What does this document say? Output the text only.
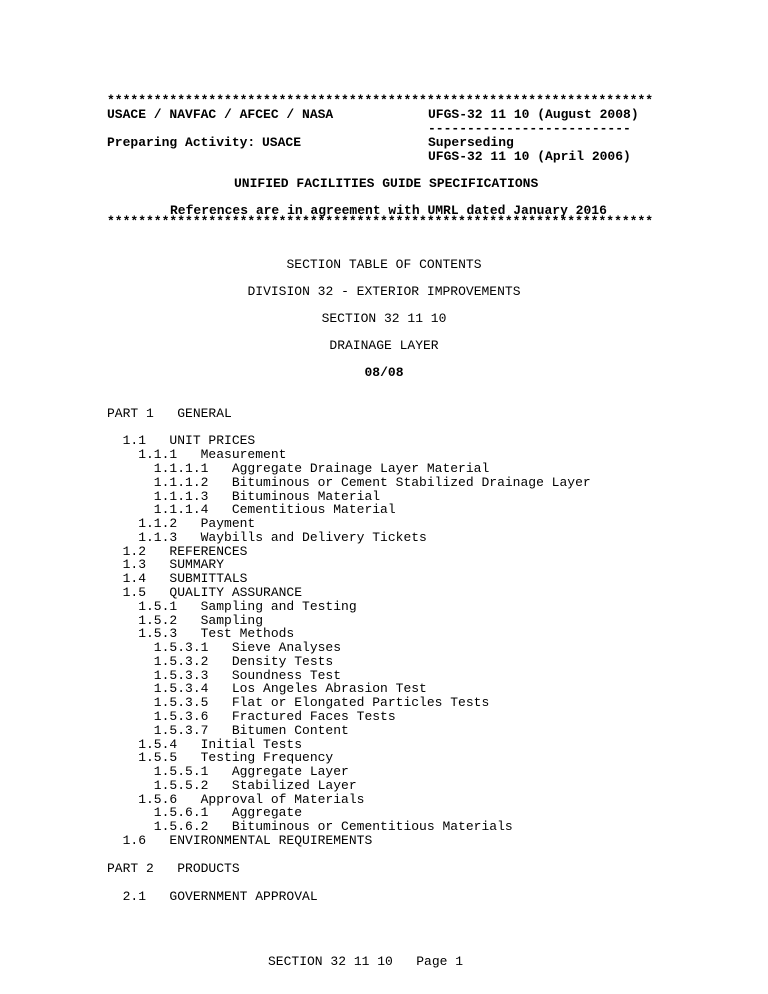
**********************************************************************
USACE / NAVFAC / AFCEC / NASA	UFGS-32 11 10 (August 2008)
--------------------------
Preparing Activity: USACE	Superseding
UFGS-32 11 10 (April 2006)
UNIFIED FACILITIES GUIDE SPECIFICATIONS
References are in agreement with UMRL dated January 2016
**********************************************************************
SECTION TABLE OF CONTENTS
DIVISION 32 - EXTERIOR IMPROVEMENTS
SECTION 32 11 10
DRAINAGE LAYER
08/08
PART 1   GENERAL
1.1   UNIT PRICES
1.1.1   Measurement
1.1.1.1   Aggregate Drainage Layer Material
1.1.1.2   Bituminous or Cement Stabilized Drainage Layer
1.1.1.3   Bituminous Material
1.1.1.4   Cementitious Material
1.1.2   Payment
1.1.3   Waybills and Delivery Tickets
1.2   REFERENCES
1.3   SUMMARY
1.4   SUBMITTALS
1.5   QUALITY ASSURANCE
1.5.1   Sampling and Testing
1.5.2   Sampling
1.5.3   Test Methods
1.5.3.1   Sieve Analyses
1.5.3.2   Density Tests
1.5.3.3   Soundness Test
1.5.3.4   Los Angeles Abrasion Test
1.5.3.5   Flat or Elongated Particles Tests
1.5.3.6   Fractured Faces Tests
1.5.3.7   Bitumen Content
1.5.4   Initial Tests
1.5.5   Testing Frequency
1.5.5.1   Aggregate Layer
1.5.5.2   Stabilized Layer
1.5.6   Approval of Materials
1.5.6.1   Aggregate
1.5.6.2   Bituminous or Cementitious Materials
1.6   ENVIRONMENTAL REQUIREMENTS
PART 2   PRODUCTS
2.1   GOVERNMENT APPROVAL
SECTION 32 11 10   Page 1
